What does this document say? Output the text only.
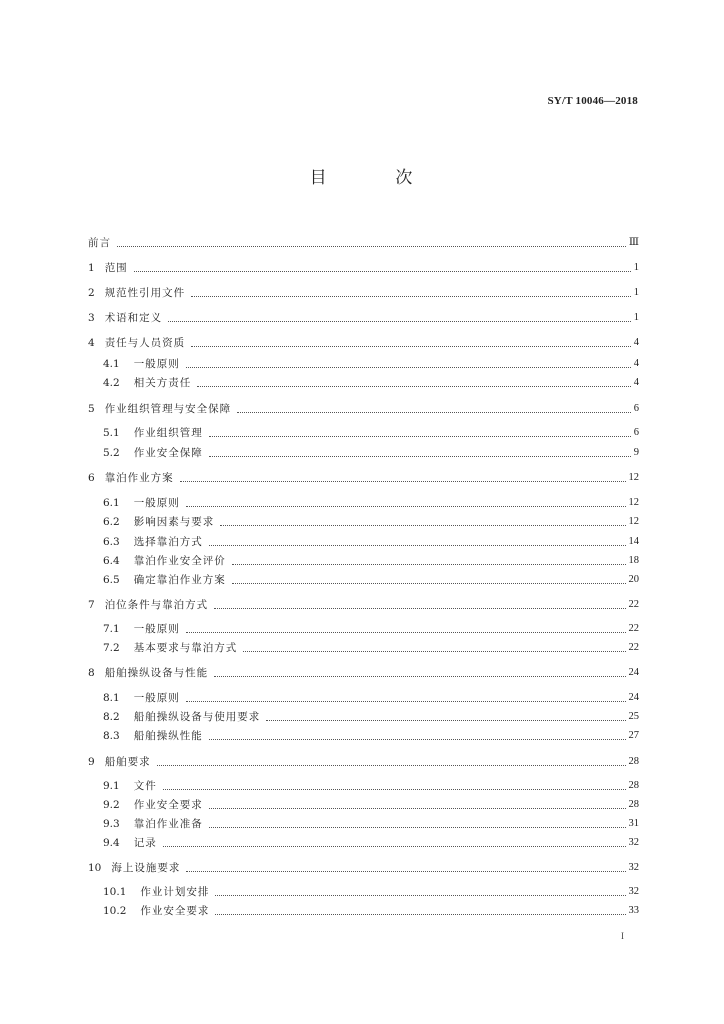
SY/T 10046—2018
目  次
前言	Ⅲ
1 范围	1
2 规范性引用文件	1
3 术语和定义	1
4 责任与人员资质	4
4.1 一般原则	4
4.2 相关方责任	4
5 作业组织管理与安全保障	6
5.1 作业组织管理	6
5.2 作业安全保障	9
6 靠泊作业方案	12
6.1 一般原则	12
6.2 影响因素与要求	12
6.3 选择靠泊方式	14
6.4 靠泊作业安全评价	18
6.5 确定靠泊作业方案	20
7 泊位条件与靠泊方式	22
7.1 一般原则	22
7.2 基本要求与靠泊方式	22
8 船舶操纵设备与性能	24
8.1 一般原则	24
8.2 船舶操纵设备与使用要求	25
8.3 船舶操纵性能	27
9 船舶要求	28
9.1 文件	28
9.2 作业安全要求	28
9.3 靠泊作业准备	31
9.4 记录	32
10 海上设施要求	32
10.1 作业计划安排	32
10.2 作业安全要求	33
I
